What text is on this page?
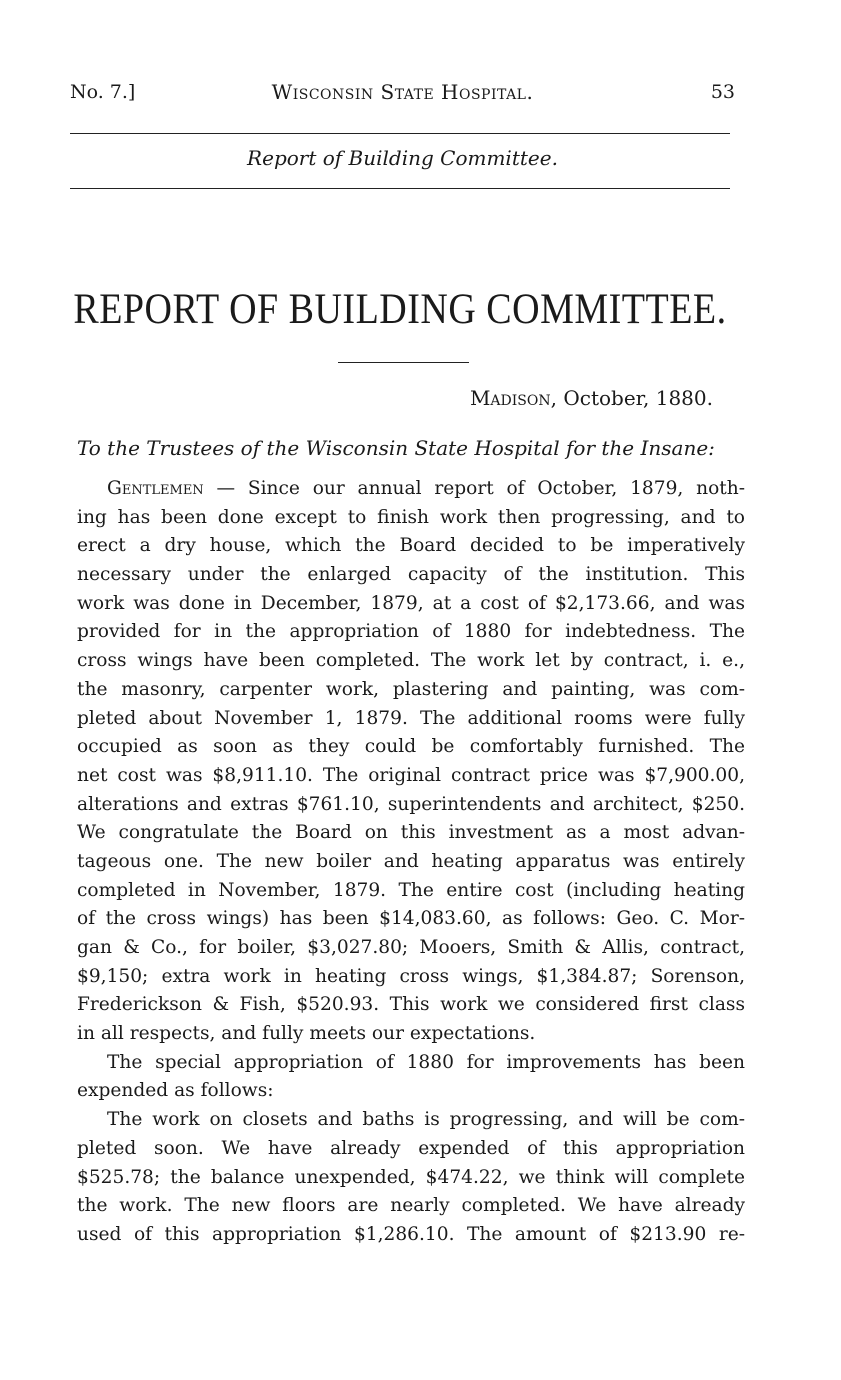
No. 7.]	Wisconsin State Hospital.	53
Report of Building Committee.
REPORT OF BUILDING COMMITTEE.
Madison, October, 1880.
To the Trustees of the Wisconsin State Hospital for the Insane:
Gentlemen — Since our annual report of October, 1879, noth-
ing has been done except to finish work then progressing, and to
erect a dry house, which the Board decided to be imperatively
necessary under the enlarged capacity of the institution. This
work was done in December, 1879, at a cost of $2,173.66, and was
provided for in the appropriation of 1880 for indebtedness. The
cross wings have been completed. The work let by contract, i. e.,
the masonry, carpenter work, plastering and painting, was com-
pleted about November 1, 1879. The additional rooms were fully
occupied as soon as they could be comfortably furnished. The
net cost was $8,911.10. The original contract price was $7,900.00,
alterations and extras $761.10, superintendents and architect, $250.
We congratulate the Board on this investment as a most advan-
tageous one. The new boiler and heating apparatus was entirely
completed in November, 1879. The entire cost (including heating
of the cross wings) has been $14,083.60, as follows: Geo. C. Mor-
gan & Co., for boiler, $3,027.80; Mooers, Smith & Allis, contract,
$9,150; extra work in heating cross wings, $1,384.87; Sorenson,
Frederickson & Fish, $520.93. This work we considered first class
in all respects, and fully meets our expectations.
The special appropriation of 1880 for improvements has been
expended as follows:
The work on closets and baths is progressing, and will be com-
pleted soon. We have already expended of this appropriation
$525.78; the balance unexpended, $474.22, we think will complete
the work. The new floors are nearly completed. We have already
used of this appropriation $1,286.10. The amount of $213.90 re-
